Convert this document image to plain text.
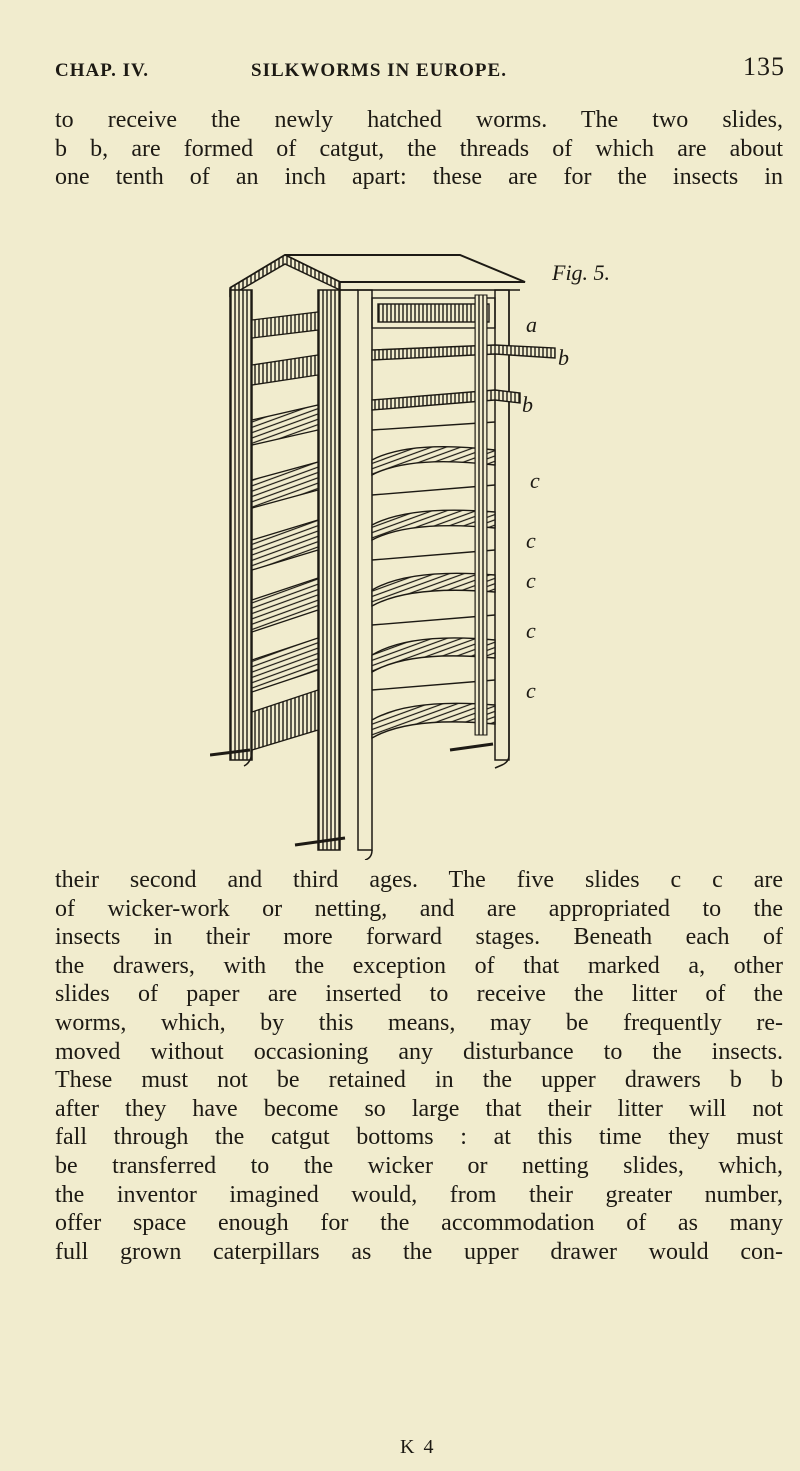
CHAP. IV.	SILKWORMS IN EUROPE.	135
to receive the newly hatched worms. The two slides,
b b, are formed of catgut, the threads of which are about
one tenth of an inch apart: these are for the insects in
Fig. 5.
a
b
b
c
c
c
c
c
their second and third ages. The five slides c c are
of wicker-work or netting, and are appropriated to the
insects in their more forward stages. Beneath each of
the drawers, with the exception of that marked a, other
slides of paper are inserted to receive the litter of the
worms, which, by this means, may be frequently re-
moved without occasioning any disturbance to the insects.
These must not be retained in the upper drawers b b
after they have become so large that their litter will not
fall through the catgut bottoms : at this time they must
be transferred to the wicker or netting slides, which,
the inventor imagined would, from their greater number,
offer space enough for the accommodation of as many
full grown caterpillars as the upper drawer would con-
K 4
